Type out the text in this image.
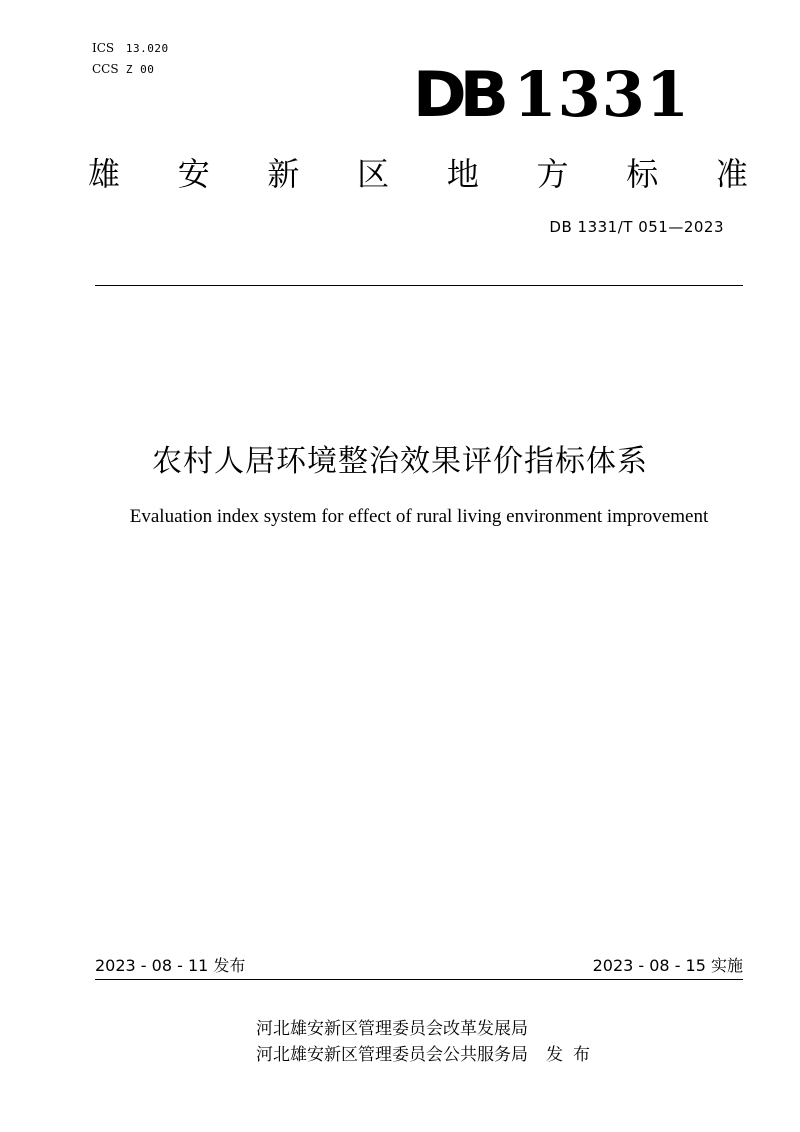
ICS 13.020
CCS Z 00	DB 1331
雄 安 新 区 地 方 标 准
DB 1331/T 051—2023
农村人居环境整治效果评价指标体系
Evaluation index system for effect of rural living environment improvement
2023 - 08 - 11 发布	2023 - 08 - 15 实施
河北雄安新区管理委员会改革发展局
河北雄安新区管理委员会公共服务局 发布
